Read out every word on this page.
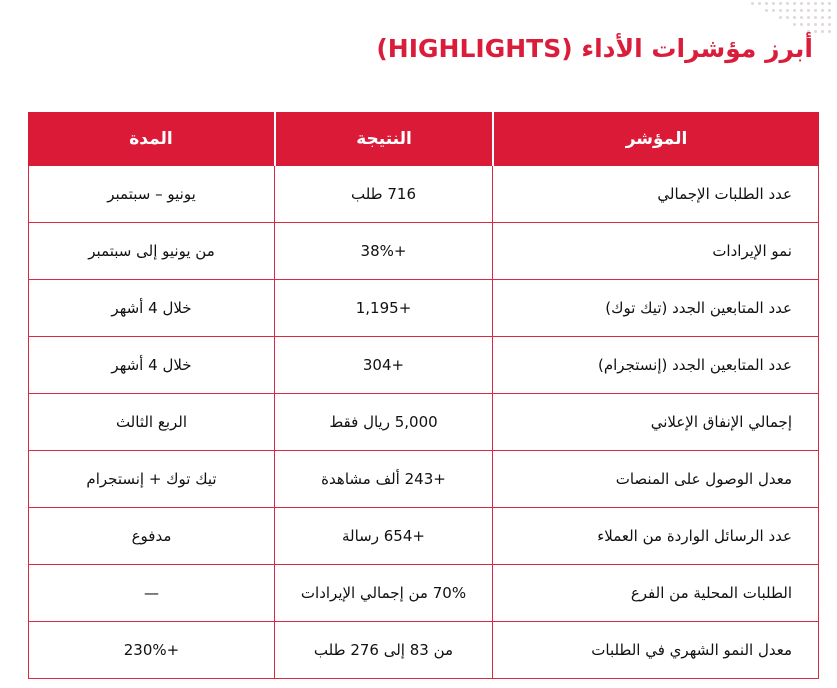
أبرز مؤشرات الأداء (HIGHLIGHTS)
المؤشر	النتيجة	المدة
عدد الطلبات الإجمالي	716 طلب	يونيو – سبتمبر
نمو الإيرادات	+38%	من يونيو إلى سبتمبر
عدد المتابعين الجدد (تيك توك)	+1,195	خلال 4 أشهر
عدد المتابعين الجدد (إنستجرام)	+304	خلال 4 أشهر
إجمالي الإنفاق الإعلاني	5,000 ريال فقط	الربع الثالث
معدل الوصول على المنصات	+243 ألف مشاهدة	تيك توك + إنستجرام
عدد الرسائل الواردة من العملاء	+654 رسالة	مدفوع
الطلبات المحلية من الفرع	70% من إجمالي الإيرادات	—
معدل النمو الشهري في الطلبات	من 83 إلى 276 طلب	+230%
